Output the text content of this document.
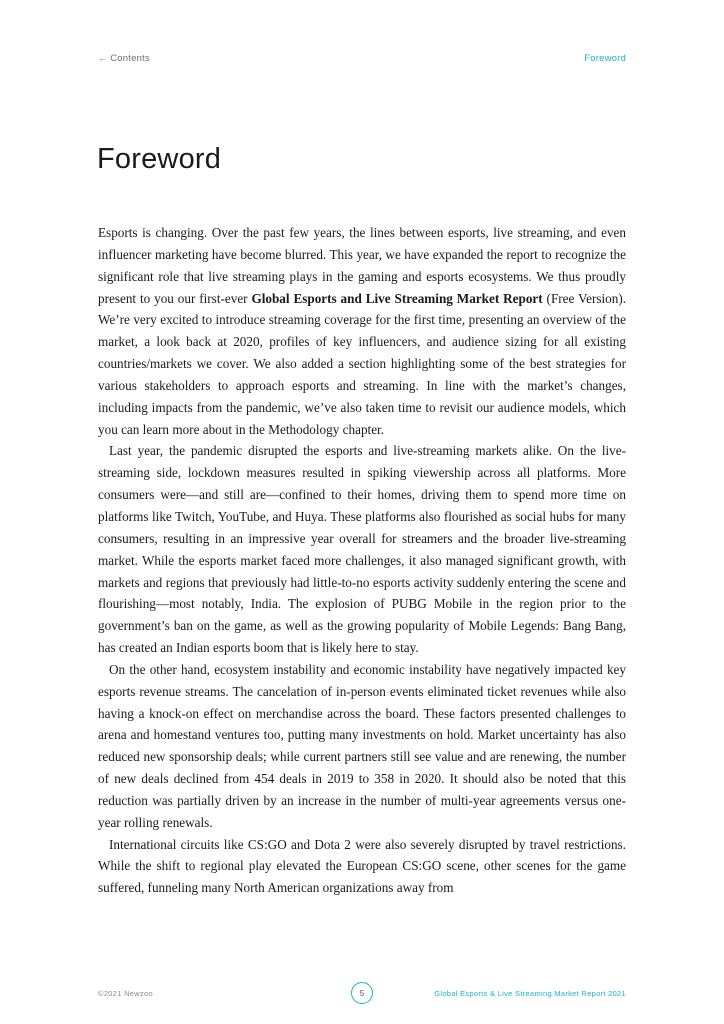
← Contents	Foreword
Foreword

Esports is changing. Over the past few years, the lines between esports, live streaming, and even influencer marketing have become blurred. This year, we have expanded the report to recognize the significant role that live streaming plays in the gaming and esports ecosystems. We thus proudly present to you our first-ever Global Esports and Live Streaming Market Report (Free Version). We’re very excited to introduce streaming coverage for the first time, presenting an overview of the market, a look back at 2020, profiles of key influencers, and audience sizing for all existing countries/markets we cover. We also added a section highlighting some of the best strategies for various stakeholders to approach esports and streaming. In line with the market’s changes, including impacts from the pandemic, we’ve also taken time to revisit our audience models, which you can learn more about in the Methodology chapter.

Last year, the pandemic disrupted the esports and live-streaming markets alike. On the live-streaming side, lockdown measures resulted in spiking viewership across all platforms. More consumers were—and still are—confined to their homes, driving them to spend more time on platforms like Twitch, YouTube, and Huya. These platforms also flourished as social hubs for many consumers, resulting in an impressive year overall for streamers and the broader live-streaming market. While the esports market faced more challenges, it also managed significant growth, with markets and regions that previously had little-to-no esports activity suddenly entering the scene and flourishing—most notably, India. The explosion of PUBG Mobile in the region prior to the government’s ban on the game, as well as the growing popularity of Mobile Legends: Bang Bang, has created an Indian esports boom that is likely here to stay.

On the other hand, ecosystem instability and economic instability have negatively impacted key esports revenue streams. The cancelation of in-person events eliminated ticket revenues while also having a knock-on effect on merchandise across the board. These factors presented challenges to arena and homestand ventures too, putting many investments on hold. Market uncertainty has also reduced new sponsorship deals; while current partners still see value and are renewing, the number of new deals declined from 454 deals in 2019 to 358 in 2020. It should also be noted that this reduction was partially driven by an increase in the number of multi-year agreements versus one-year rolling renewals.

International circuits like CS:GO and Dota 2 were also severely disrupted by travel restrictions. While the shift to regional play elevated the European CS:GO scene, other scenes for the game suffered, funneling many North American organizations away from

©2021 Newzoo	5	Global Esports & Live Streaming Market Report 2021
